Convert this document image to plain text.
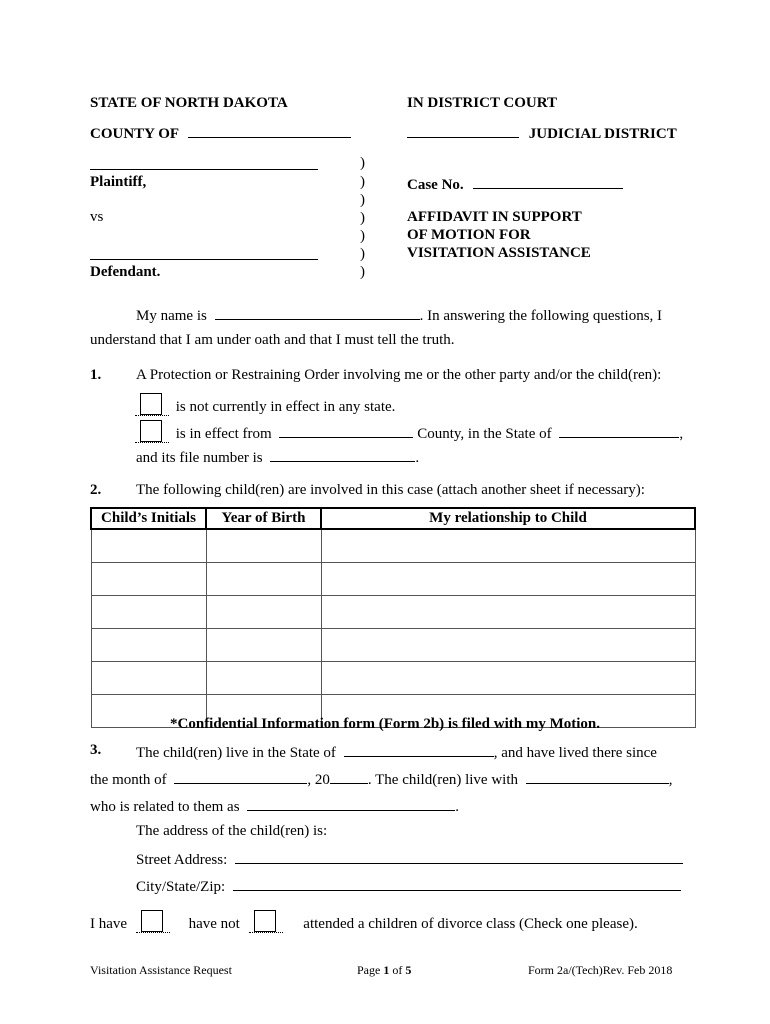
STATE OF NORTH DAKOTA	IN DISTRICT COURT
COUNTY OF	JUDICIAL DISTRICT
Plaintiff,
vs
Defendant.
)
)
)
)
)
)
)
Case No.
AFFIDAVIT IN SUPPORT
OF MOTION FOR
VISITATION ASSISTANCE
My name is	. In answering the following questions, I
understand that I am under oath and that I must tell the truth.
1. A Protection or Restraining Order involving me or the other party and/or the child(ren):
is not currently in effect in any state.
is in effect from	County, in the State of	,
and its file number is	.
2. The following child(ren) are involved in this case (attach another sheet if necessary):
Child’s Initials	Year of Birth	My relationship to Child

*Confidential Information form (Form 2b) is filed with my Motion.
3. The child(ren) live in the State of	, and have lived there since
the month of	, 20	. The child(ren) live with	,
who is related to them as	.
The address of the child(ren) is:
Street Address:
City/State/Zip:
I have	have not	attended a children of divorce class (Check one please).
Visitation Assistance Request	Page 1 of 5	Form 2a/(Tech)Rev. Feb 2018
